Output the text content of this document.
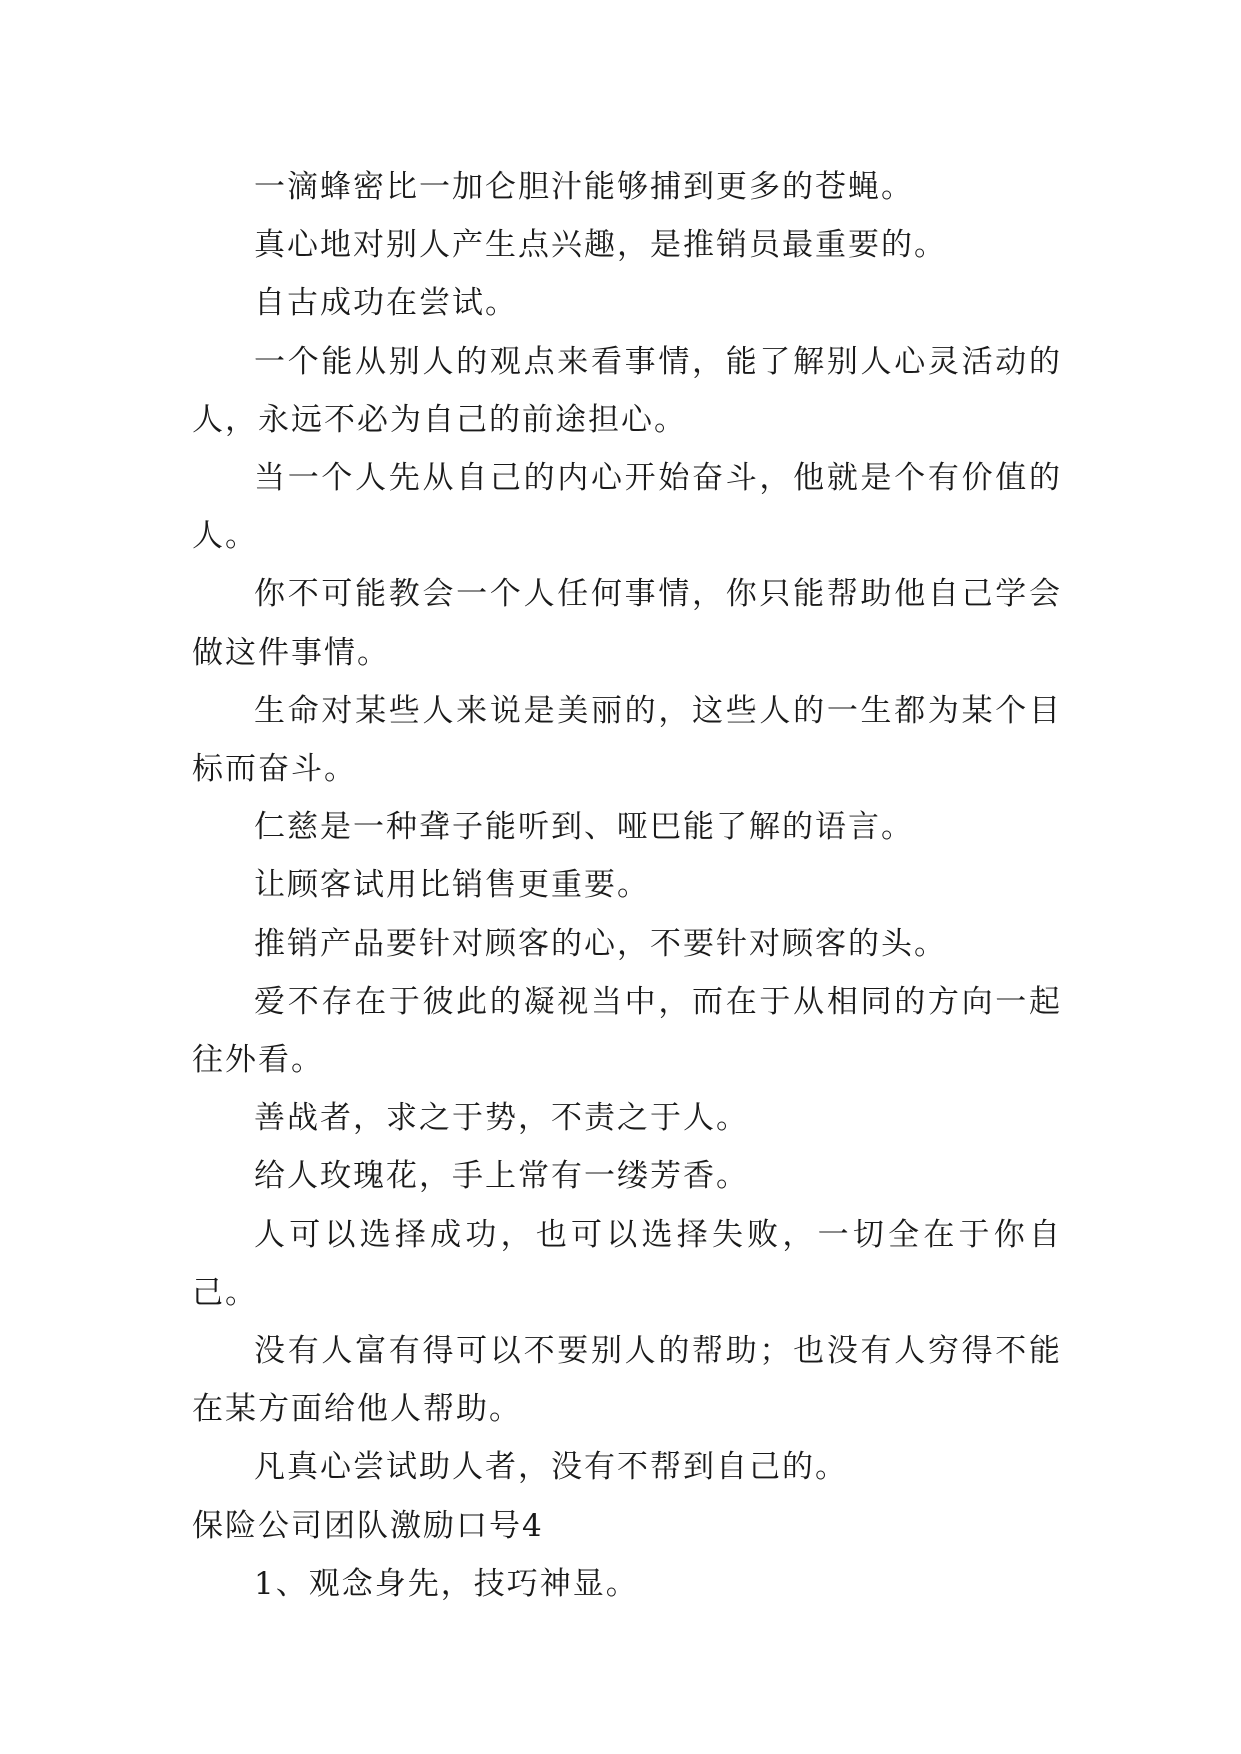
一滴蜂密比一加仑胆汁能够捕到更多的苍蝇。

真心地对别人产生点兴趣，是推销员最重要的。

自古成功在尝试。

一个能从别人的观点来看事情，能了解别人心灵活动的人，永远不必为自己的前途担心。

当一个人先从自己的内心开始奋斗，他就是个有价值的人。

你不可能教会一个人任何事情，你只能帮助他自己学会做这件事情。

生命对某些人来说是美丽的，这些人的一生都为某个目标而奋斗。

仁慈是一种聋子能听到、哑巴能了解的语言。

让顾客试用比销售更重要。

推销产品要针对顾客的心，不要针对顾客的头。

爱不存在于彼此的凝视当中，而在于从相同的方向一起往外看。

善战者，求之于势，不责之于人。

给人玫瑰花，手上常有一缕芳香。

人可以选择成功，也可以选择失败，一切全在于你自己。

没有人富有得可以不要别人的帮助；也没有人穷得不能在某方面给他人帮助。

凡真心尝试助人者，没有不帮到自己的。

保险公司团队激励口号4

1、观念身先，技巧神显。
